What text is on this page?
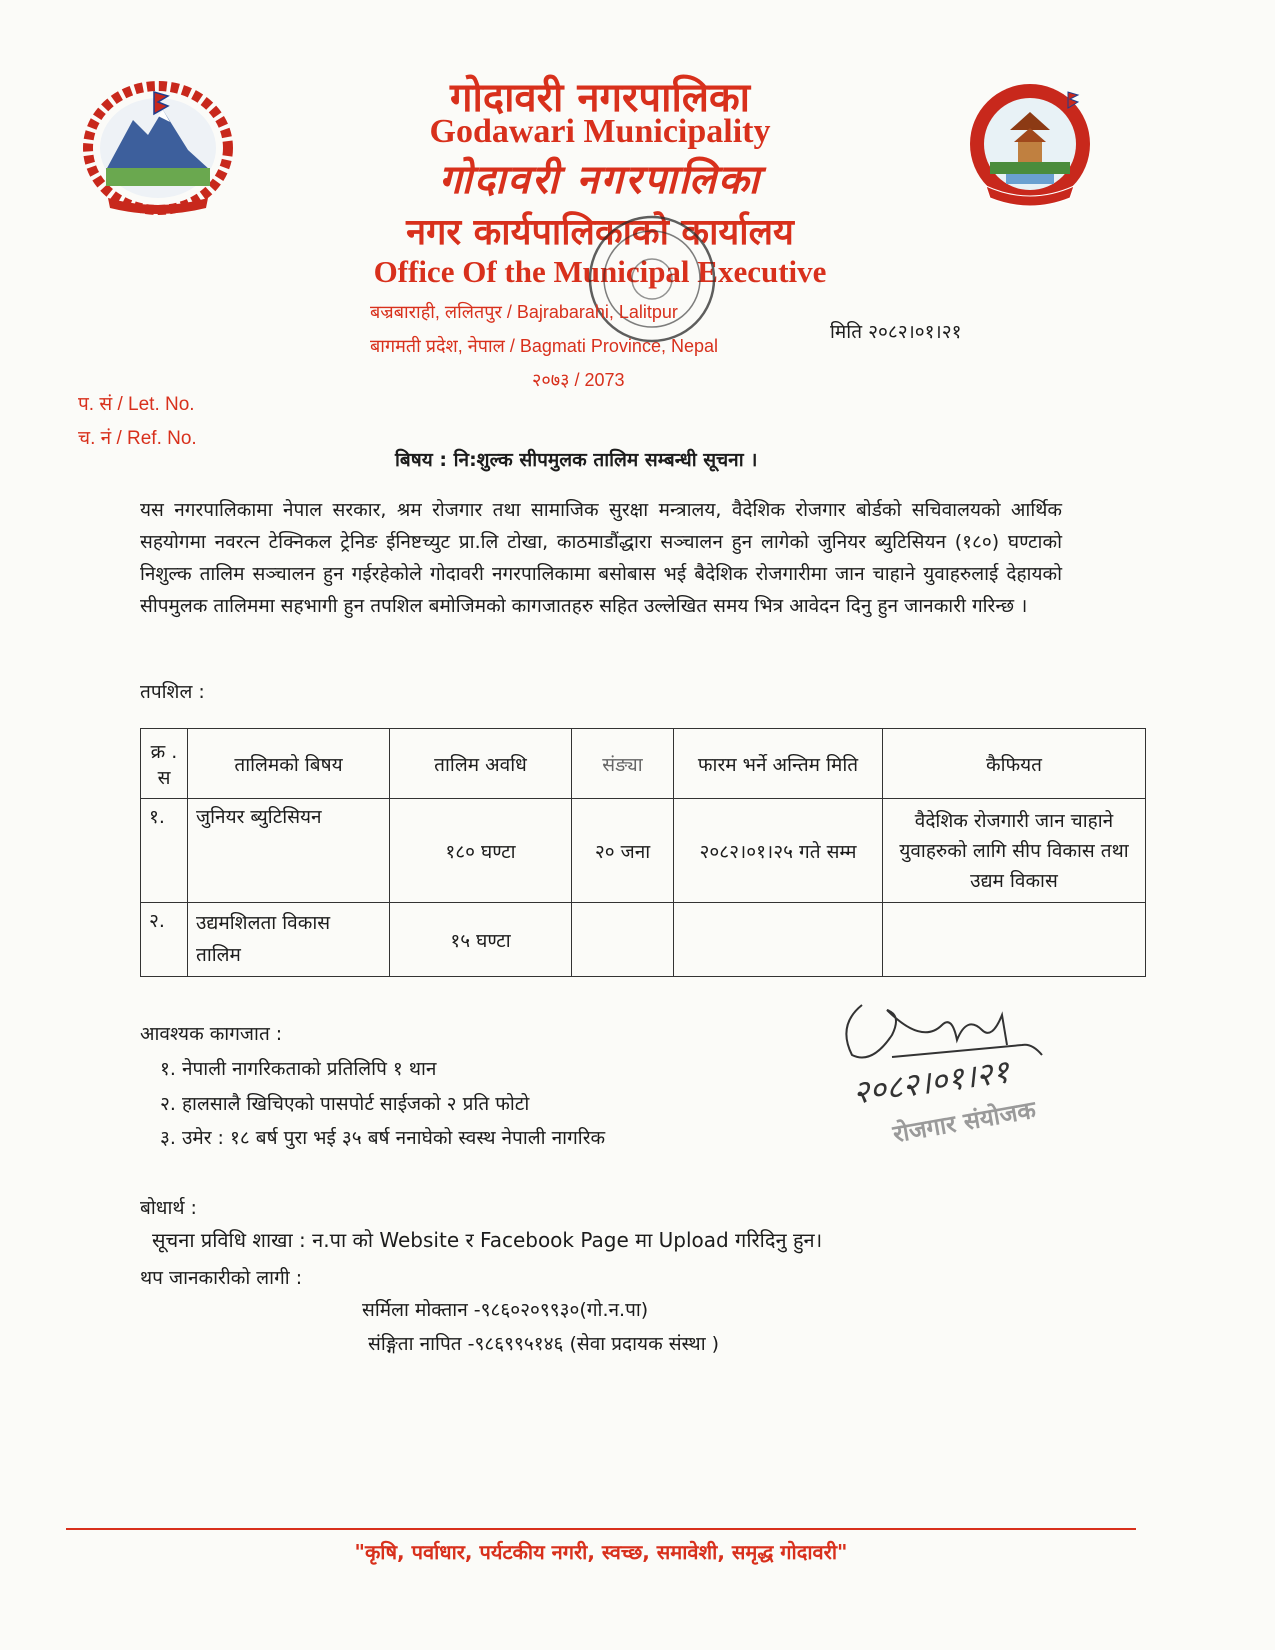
गोदावरी नगरपालिका
Godawari Municipality
गोदावरी नगरपालिका
नगर कार्यपालिकाको कार्यालय
Office Of the Municipal Executive
बज्रबाराही, ललितपुर / Bajrabarahi, Lalitpur
बागमती प्रदेश, नेपाल / Bagmati Province, Nepal
२०७३ / 2073
मिति २०८२।०१।२१
प. सं / Let. No.
च. नं / Ref. No.
बिषय : नि:शुल्क सीपमुलक तालिम सम्बन्धी सूचना ।
यस नगरपालिकामा नेपाल सरकार, श्रम रोजगार तथा सामाजिक सुरक्षा मन्त्रालय, वैदेशिक रोजगार बोर्डको सचिवालयको आर्थिक सहयोगमा नवरत्न टेक्निकल ट्रेनिङ ईनिष्टच्युट प्रा.लि टोखा, काठमाडौंद्धारा सञ्चालन हुन लागेको जुनियर ब्युटिसियन (१८०) घण्टाको निशुल्क तालिम सञ्चालन हुन गईरहेकोले गोदावरी नगरपालिकामा बसोबास भई बैदेशिक रोजगारीमा जान चाहाने युवाहरुलाई देहायको सीपमुलक तालिममा सहभागी हुन तपशिल बमोजिमको कागजातहरु सहित उल्लेखित समय भित्र आवेदन दिनु हुन जानकारी गरिन्छ ।
तपशिल :
क्र . स	तालिमको बिषय	तालिम अवधि	संङ्या	फारम भर्ने अन्तिम मिति	कैफियत
१.	जुनियर ब्युटिसियन	१८० घण्टा	२० जना	२०८२।०१।२५ गते सम्म	वैदेशिक रोजगारी जान चाहाने युवाहरुको लागि सीप विकास तथा उद्यम विकास
२.	उद्यमशिलता विकास तालिम	१५ घण्टा			
आवश्यक कागजात :
१. नेपाली नागरिकताको प्रतिलिपि १ थान
२. हालसालै खिचिएको पासपोर्ट साईजको २ प्रति फोटो
३. उमेर : १८ बर्ष पुरा भई ३५ बर्ष ननाघेको स्वस्थ नेपाली नागरिक
२०८२।०१।२१
रोजगार संयोजक
बोधार्थ :
सूचना प्रविधि शाखा : न.पा को Website र Facebook Page मा Upload गरिदिनु हुन।
थप जानकारीको लागी :
सर्मिला मोक्तान -९८६०२०९९३०(गो.न.पा)
संङ्गिता नापित -९८६९९५१४६ (सेवा प्रदायक संस्था )
"कृषि, पर्वाधार, पर्यटकीय नगरी, स्वच्छ, समावेशी, समृद्ध गोदावरी"
